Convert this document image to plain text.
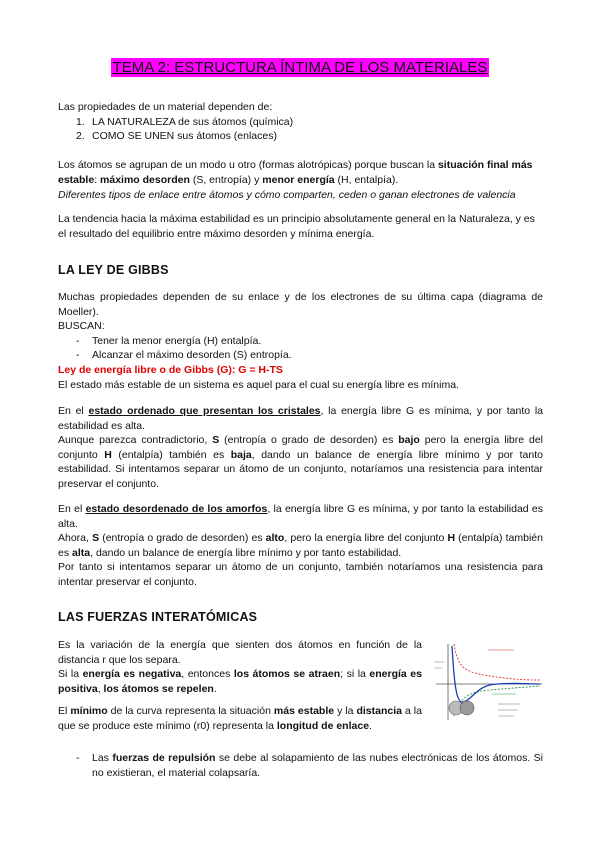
TEMA 2: ESTRUCTURA ÍNTIMA DE LOS MATERIALES

Las propiedades de un material dependen de:

1. LA NATURALEZA de sus átomos (química)
2. COMO SE UNEN sus átomos (enlaces)

Los átomos se agrupan de un modo u otro (formas alotrópicas) porque buscan la situación final más estable: máximo desorden (S, entropía) y menor energía (H, entalpía).

Diferentes tipos de enlace entre átomos y cómo comparten, ceden o ganan electrones de valencia

La tendencia hacia la máxima estabilidad es un principio absolutamente general en la Naturaleza, y es el resultado del equilibrio entre máximo desorden y mínima energía.

LA LEY DE GIBBS

Muchas propiedades dependen de su enlace y de los electrones de su última capa (diagrama de Moeller).

BUSCAN:

- Tener la menor energía (H) entalpía.
- Alcanzar el máximo desorden (S) entropía.

Ley de energía libre o de Gibbs (G): G = H-TS

El estado más estable de un sistema es aquel para el cual su energía libre es mínima.

En el estado ordenado que presentan los cristales, la energía libre G es mínima, y por tanto la estabilidad es alta.

Aunque parezca contradictorio, S (entropía o grado de desorden) es bajo pero la energía libre del conjunto H (entalpía) también es baja, dando un balance de energía libre mínimo y por tanto estabilidad. Si intentamos separar un átomo de un conjunto, notaríamos una resistencia para intentar preservar el conjunto.

En el estado desordenado de los amorfos, la energía libre G es mínima, y por tanto la estabilidad es alta.

Ahora, S (entropía o grado de desorden) es alto, pero la energía libre del conjunto H (entalpía) también es alta, dando un balance de energía libre mínimo y por tanto estabilidad.

Por tanto si intentamos separar un átomo de un conjunto, también notaríamos una resistencia para intentar preservar el conjunto.

LAS FUERZAS INTERATÓMICAS

Es la variación de la energía que sienten dos átomos en función de la distancia r que los separa.

Si la energía es negativa, entonces los átomos se atraen; si la energía es positiva, los átomos se repelen.

El mínimo de la curva representa la situación más estable y la distancia a la que se produce este mínimo (r0) representa la longitud de enlace.

- Las fuerzas de repulsión se debe al solapamiento de las nubes electrónicas de los átomos. Si no existieran, el material colapsaría.
